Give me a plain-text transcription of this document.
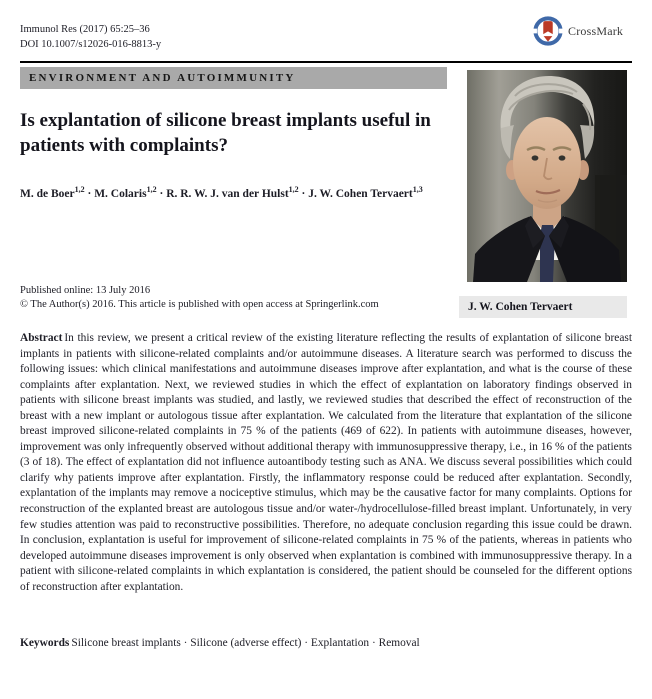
Immunol Res (2017) 65:25–36
DOI 10.1007/s12026-016-8813-y
CrossMark
ENVIRONMENT AND AUTOIMMUNITY
Is explantation of silicone breast implants useful in patients with complaints?
M. de Boer$^{1,2}$ · M. Colaris$^{1,2}$ · R. R. W. J. van der Hulst$^{1,2}$ · J. W. Cohen Tervaert$^{1,3}$
Published online: 13 July 2016
© The Author(s) 2016. This article is published with open access at Springerlink.com	J. W. Cohen Tervaert

Abstract In this review, we present a critical review of the existing literature reflecting the results of explantation of silicone breast implants in patients with silicone-related complaints and/or autoimmune diseases. A literature search was performed to discuss the following issues: which clinical manifestations and autoimmune diseases improve after explantation, and what is the course of these complaints after explantation. Next, we reviewed studies in which the effect of explantation on laboratory findings observed in patients with silicone breast implants was studied, and lastly, we reviewed studies that described the effect of reconstruction of the breast with a new implant or autologous tissue after explantation. We calculated from the literature that explantation of the silicone breast improved silicone-related complaints in 75 % of the patients (469 of 622). In patients with autoimmune diseases, however, improvement was only infrequently observed without additional therapy with immunosuppressive therapy, i.e., in 16 % of the patients (3 of 18). The effect of explantation did not influence autoantibody testing such as ANA. We discuss several possibilities which could clarify why patients improve after explantation. Firstly, the inflammatory response could be reduced after explantation. Secondly, explantation of the implants may remove a nociceptive stimulus, which may be the causative factor for many complaints. Options for reconstruction of the explanted breast are autologous tissue and/or water-/hydrocellulose-filled breast implant. Unfortunately, in very few studies attention was paid to reconstructive possibilities. Therefore, no adequate conclusion regarding this issue could be drawn. In conclusion, explantation is useful for improvement of silicone-related complaints in 75 % of the patients, whereas in patients who developed autoimmune diseases improvement is only observed when explantation is combined with immunosuppressive therapy. In a patient with silicone-related complaints in which explantation is considered, the patient should be counseled for the different options of reconstruction after explantation.

Keywords Silicone breast implants · Silicone (adverse effect) · Explantation · Removal
